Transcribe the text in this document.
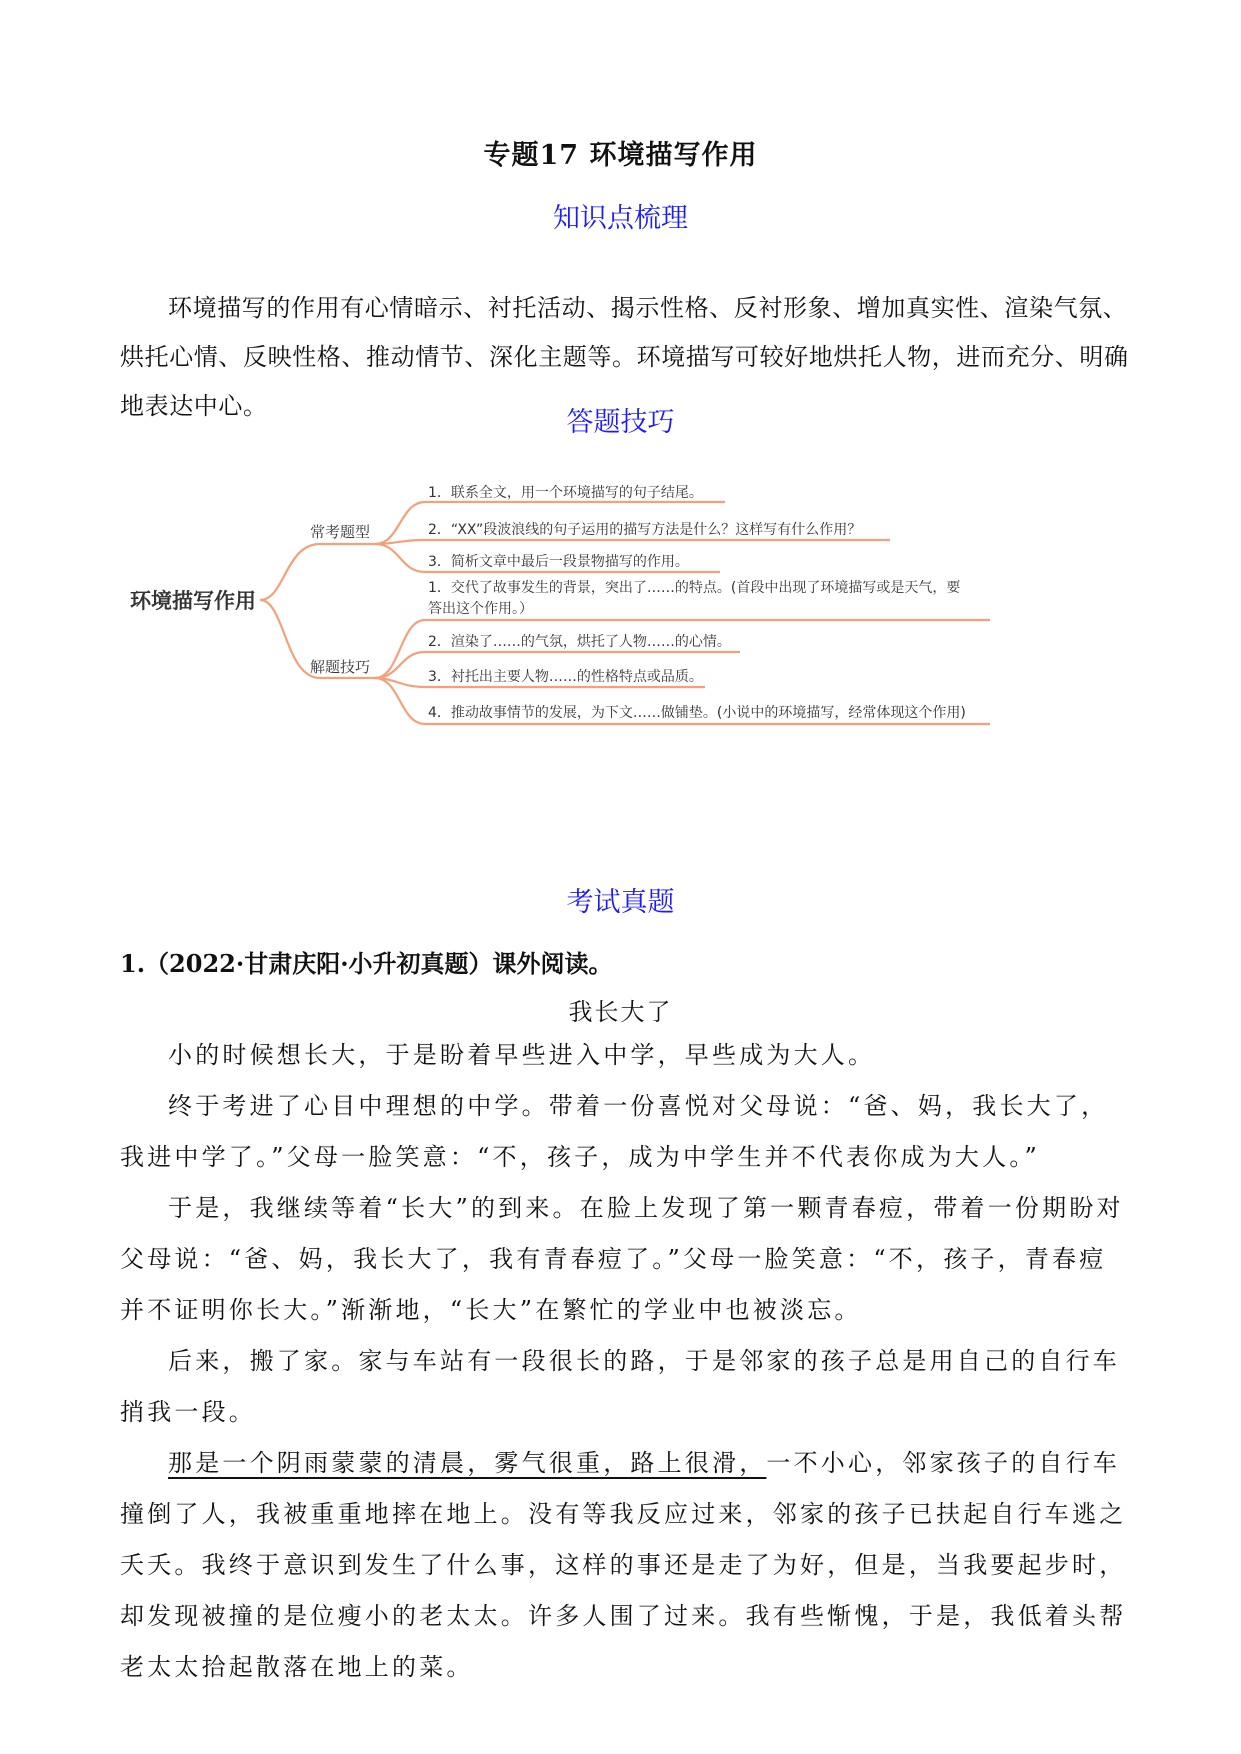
专题17 环境描写作用
知识点梳理

环境描写的作用有心情暗示、衬托活动、揭示性格、反衬形象、增加真实性、渲染气氛、烘托心情、反映性格、推动情节、深化主题等。环境描写可较好地烘托人物，进而充分、明确地表达中心。

答题技巧
环境描写作用
常考题型
解题技巧
1．联系全文，用一个环境描写的句子结尾。
2．“XX”段波浪线的句子运用的描写方法是什么？这样写有什么作用？
3．简析文章中最后一段景物描写的作用。
1．交代了故事发生的背景，突出了……的特点。(首段中出现了环境描写或是天气，要
答出这个作用。）
2．渲染了……的气氛，烘托了人物……的心情。
3．衬托出主要人物……的性格特点或品质。
4．推动故事情节的发展，为下文……做铺垫。(小说中的环境描写，经常体现这个作用)
考试真题

1.（2022·甘肃庆阳·小升初真题）课外阅读。

我长大了

小的时候想长大，于是盼着早些进入中学，早些成为大人。

终于考进了心目中理想的中学。带着一份喜悦对父母说：“爸、妈，我长大了，我进中学了。”父母一脸笑意：“不，孩子，成为中学生并不代表你成为大人。”

于是，我继续等着“长大”的到来。在脸上发现了第一颗青春痘，带着一份期盼对父母说：“爸、妈，我长大了，我有青春痘了。”父母一脸笑意：“不，孩子，青春痘并不证明你长大。”渐渐地，“长大”在繁忙的学业中也被淡忘。

后来，搬了家。家与车站有一段很长的路，于是邻家的孩子总是用自己的自行车捎我一段。

那是一个阴雨蒙蒙的清晨，雾气很重，路上很滑，一不小心，邻家孩子的自行车撞倒了人，我被重重地摔在地上。没有等我反应过来，邻家的孩子已扶起自行车逃之夭夭。我终于意识到发生了什么事，这样的事还是走了为好，但是，当我要起步时，却发现被撞的是位瘦小的老太太。许多人围了过来。我有些惭愧，于是，我低着头帮老太太拾起散落在地上的菜。
